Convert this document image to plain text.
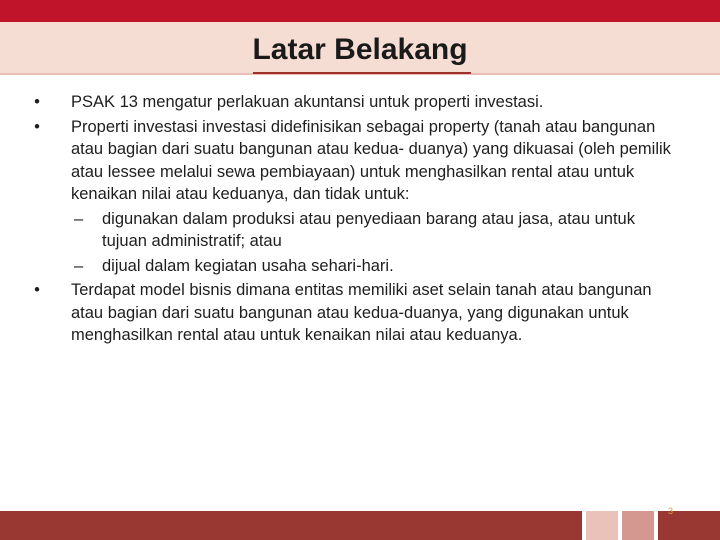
Latar Belakang
• PSAK 13 mengatur perlakuan akuntansi untuk properti investasi.
• Properti investasi investasi didefinisikan sebagai property (tanah atau bangunan atau bagian dari suatu bangunan atau kedua- duanya) yang dikuasai (oleh pemilik atau lessee melalui sewa pembiayaan) untuk menghasilkan rental atau untuk kenaikan nilai atau keduanya, dan tidak untuk:
– digunakan dalam produksi atau penyediaan barang atau jasa, atau untuk tujuan administratif; atau
– dijual dalam kegiatan usaha sehari-hari.
• Terdapat model bisnis dimana entitas memiliki aset selain tanah atau bangunan atau bagian dari suatu bangunan atau kedua-duanya, yang digunakan untuk menghasilkan rental atau untuk kenaikan nilai atau keduanya.
3
